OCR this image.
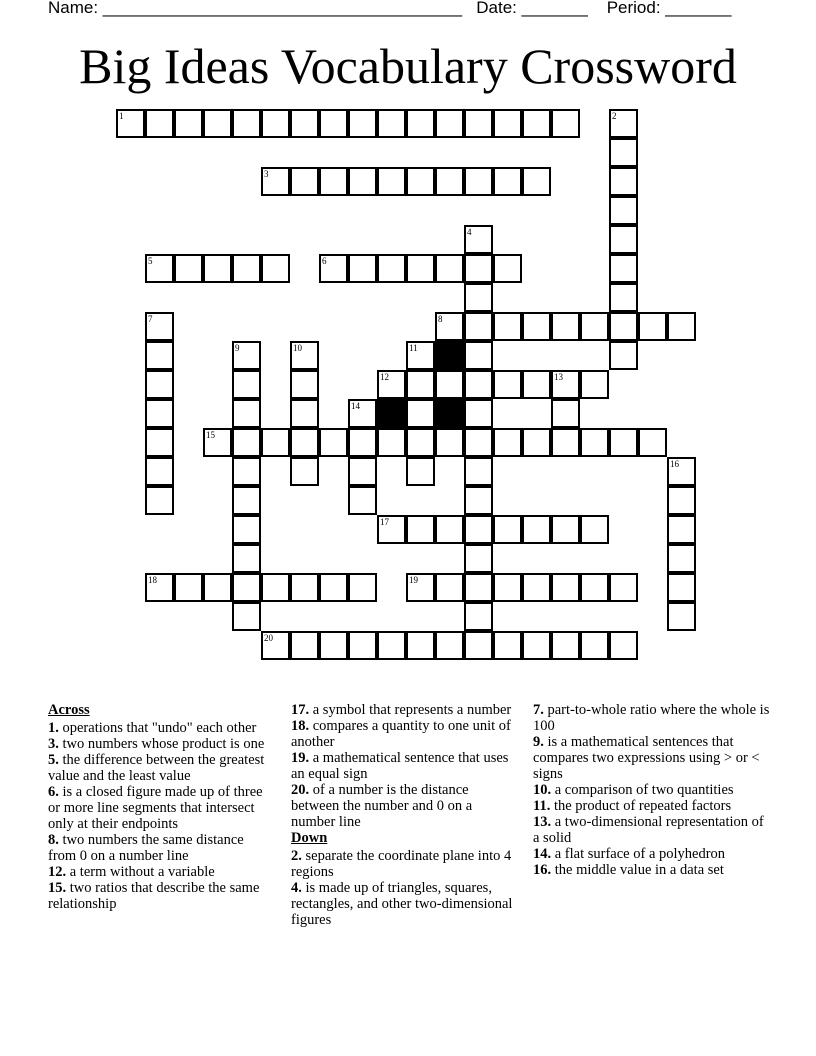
Name: ______________________________________ Date: _______ Period: _______
Big Ideas Vocabulary Crossword
1	2
3
4
5	6
7	8
9	10	11
12	13
14
15
16
17
18	19
20
Across
1. operations that "undo" each other
3. two numbers whose product is one
5. the difference between the greatest value and the least value
6. is a closed figure made up of three or more line segments that intersect only at their endpoints
8. two numbers the same distance from 0 on a number line
12. a term without a variable
15. two ratios that describe the same relationship
17. a symbol that represents a number
18. compares a quantity to one unit of another
19. a mathematical sentence that uses an equal sign
20. of a number is the distance between the number and 0 on a number line
Down
2. separate the coordinate plane into 4 regions
4. is made up of triangles, squares, rectangles, and other two-dimensional figures
7. part-to-whole ratio where the whole is 100
9. is a mathematical sentences that compares two expressions using > or < signs
10. a comparison of two quantities
11. the product of repeated factors
13. a two-dimensional representation of a solid
14. a flat surface of a polyhedron
16. the middle value in a data set
